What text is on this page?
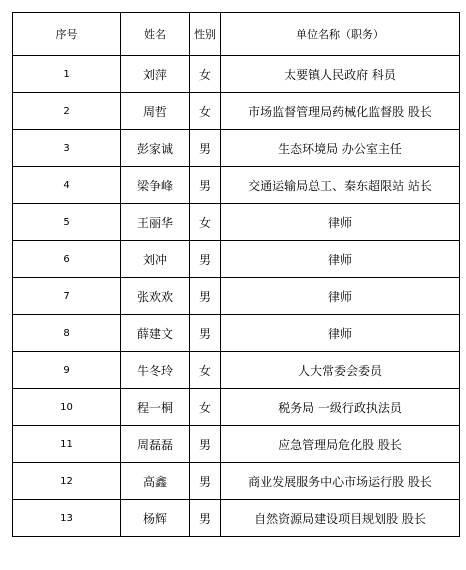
序号	姓名	性别	单位名称（职务）
1	刘萍	女	太要镇人民政府 科员
2	周哲	女	市场监督管理局药械化监督股 股长
3	彭家诚	男	生态环境局 办公室主任
4	梁争峰	男	交通运输局总工、秦东超限站 站长
5	王丽华	女	律师
6	刘冲	男	律师
7	张欢欢	男	律师
8	薛建文	男	律师
9	牛冬玲	女	人大常委会委员
10	程一桐	女	税务局 一级行政执法员
11	周磊磊	男	应急管理局危化股 股长
12	高鑫	男	商业发展服务中心市场运行股 股长
13	杨辉	男	自然资源局建设项目规划股 股长
